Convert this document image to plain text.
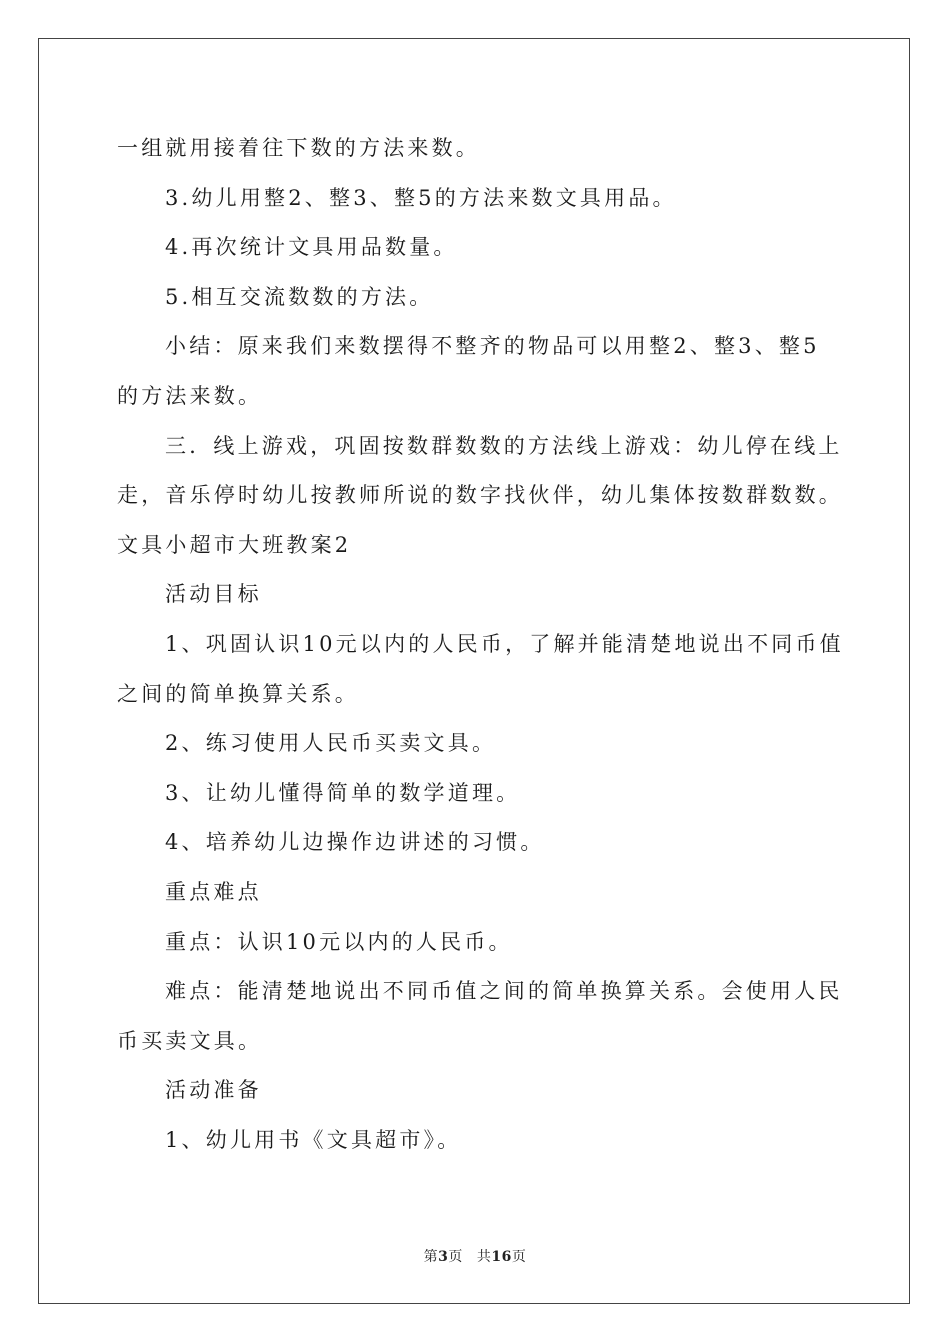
一组就用接着往下数的方法来数。
3.幼儿用整2、整3、整5的方法来数文具用品。
4.再次统计文具用品数量。
5.相互交流数数的方法。
小结：原来我们来数摆得不整齐的物品可以用整2、整3、整5
的方法来数。
三．线上游戏，巩固按数群数数的方法线上游戏：幼儿停在线上
走，音乐停时幼儿按教师所说的数字找伙伴，幼儿集体按数群数数。
文具小超市大班教案2
活动目标
1、巩固认识10元以内的人民币，了解并能清楚地说出不同币值
之间的简单换算关系。
2、练习使用人民币买卖文具。
3、让幼儿懂得简单的数学道理。
4、培养幼儿边操作边讲述的习惯。
重点难点
重点：认识10元以内的人民币。
难点：能清楚地说出不同币值之间的简单换算关系。会使用人民
币买卖文具。
活动准备
1、幼儿用书《文具超市》。
第3页 共16页
